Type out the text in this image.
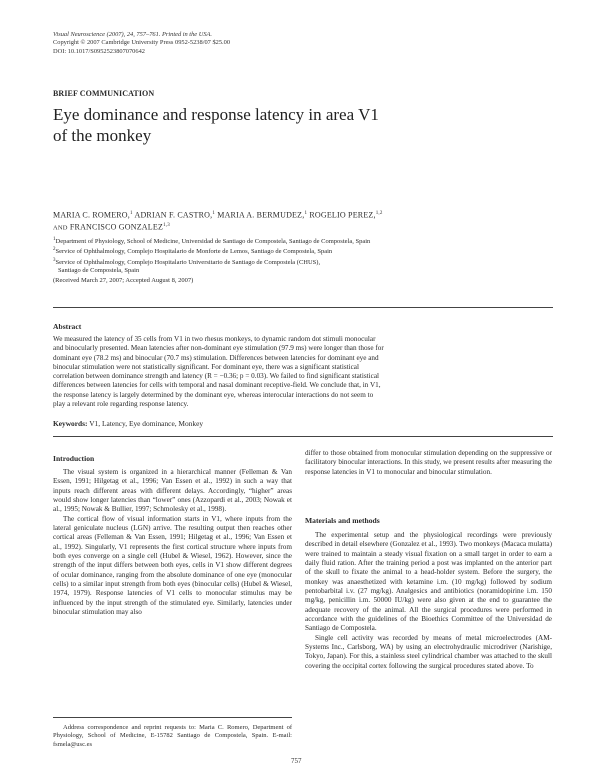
Visual Neuroscience (2007), 24, 757–761. Printed in the USA.
Copyright © 2007 Cambridge University Press 0952-5238/07 $25.00
DOI: 10.1017/S0952523807070642
BRIEF COMMUNICATION
Eye dominance and response latency in area V1
of the monkey
MARIA C. ROMERO,$^1$ ADRIAN F. CASTRO,$^1$ MARIA A. BERMUDEZ,$^1$ ROGELIO PEREZ,$^{1,2}$
AND FRANCISCO GONZALEZ$^{1,3}$
$^1$Department of Physiology, School of Medicine, Universidad de Santiago de Compostela, Santiago de Compostela, Spain
$^2$Service of Ophthalmology, Complejo Hospitalario de Monforte de Lemos, Santiago de Compostela, Spain
$^3$Service of Ophthalmology, Complejo Hospitalario Universitario de Santiago de Compostela (CHUS),
Santiago de Compostela, Spain
(Received March 27, 2007; Accepted August 8, 2007)
Abstract
We measured the latency of 35 cells from V1 in two rhesus monkeys, to dynamic random dot stimuli monocular
and binocularly presented. Mean latencies after non-dominant eye stimulation (97.9 ms) were longer than those for
dominant eye (78.2 ms) and binocular (70.7 ms) stimulation. Differences between latencies for dominant eye and
binocular stimulation were not statistically significant. For dominant eye, there was a significant statistical
correlation between dominance strength and latency (R = −0.36; p = 0.03). We failed to find significant statistical
differences between latencies for cells with temporal and nasal dominant receptive-field. We conclude that, in V1,
the response latency is largely determined by the dominant eye, whereas interocular interactions do not seem to
play a relevant role regarding response latency.
Keywords: V1, Latency, Eye dominance, Monkey
Introduction

The visual system is organized in a hierarchical manner (Felleman & Van Essen, 1991; Hilgetag et al., 1996; Van Essen et al., 1992) in such a way that inputs reach different areas with different delays. Accordingly, “higher” areas would show longer latencies than “lower” ones (Azzopardi et al., 2003; Nowak et al., 1995; Nowak & Bullier, 1997; Schmolesky et al., 1998).

The cortical flow of visual information starts in V1, where inputs from the lateral geniculate nucleus (LGN) arrive. The resulting output then reaches other cortical areas (Felleman & Van Essen, 1991; Hilgetag et al., 1996; Van Essen et al., 1992). Singularly, V1 represents the first cortical structure where inputs from both eyes converge on a single cell (Hubel & Wiesel, 1962). However, since the strength of the input differs between both eyes, cells in V1 show different degrees of ocular dominance, ranging from the absolute dominance of one eye (monocular cells) to a similar input strength from both eyes (binocular cells) (Hubel & Wiesel, 1974, 1979). Response latencies of V1 cells to monocular stimulus may be influenced by the input strength of the stimulated eye. Similarly, latencies under binocular stimulation may also

differ to those obtained from monocular stimulation depending on the suppressive or facilitatory binocular interactions. In this study, we present results after measuring the response latencies in V1 to monocular and binocular stimulation.

Materials and methods

The experimental setup and the physiological recordings were previously described in detail elsewhere (Gonzalez et al., 1993). Two monkeys (Macaca mulatta) were trained to maintain a steady visual fixation on a small target in order to earn a daily fluid ration. After the training period a post was implanted on the anterior part of the skull to fixate the animal to a head-holder system. Before the surgery, the monkey was anaesthetized with ketamine i.m. (10 mg/kg) followed by sodium pentobarbital i.v. (27 mg/kg). Analgesics and antibiotics (noramidopirine i.m. 150 mg/kg, penicillin i.m. 50000 IU/kg) were also given at the end to guarantee the adequate recovery of the animal. All the surgical procedures were performed in accordance with the guidelines of the Bioethics Committee of the Universidad de Santiago de Compostela.

Single cell activity was recorded by means of metal microelectrodes (AM-Systems Inc., Carlsborg, WA) by using an electrohydraulic microdriver (Narishige, Tokyo, Japan). For this, a stainless steel cylindrical chamber was attached to the skull covering the occipital cortex following the surgical procedures stated above. To

Address correspondence and reprint requests to: Maria C. Romero, Department of Physiology, School of Medicine, E-15782 Santiago de Compostela, Spain. E-mail: fsmela@usc.es
757
